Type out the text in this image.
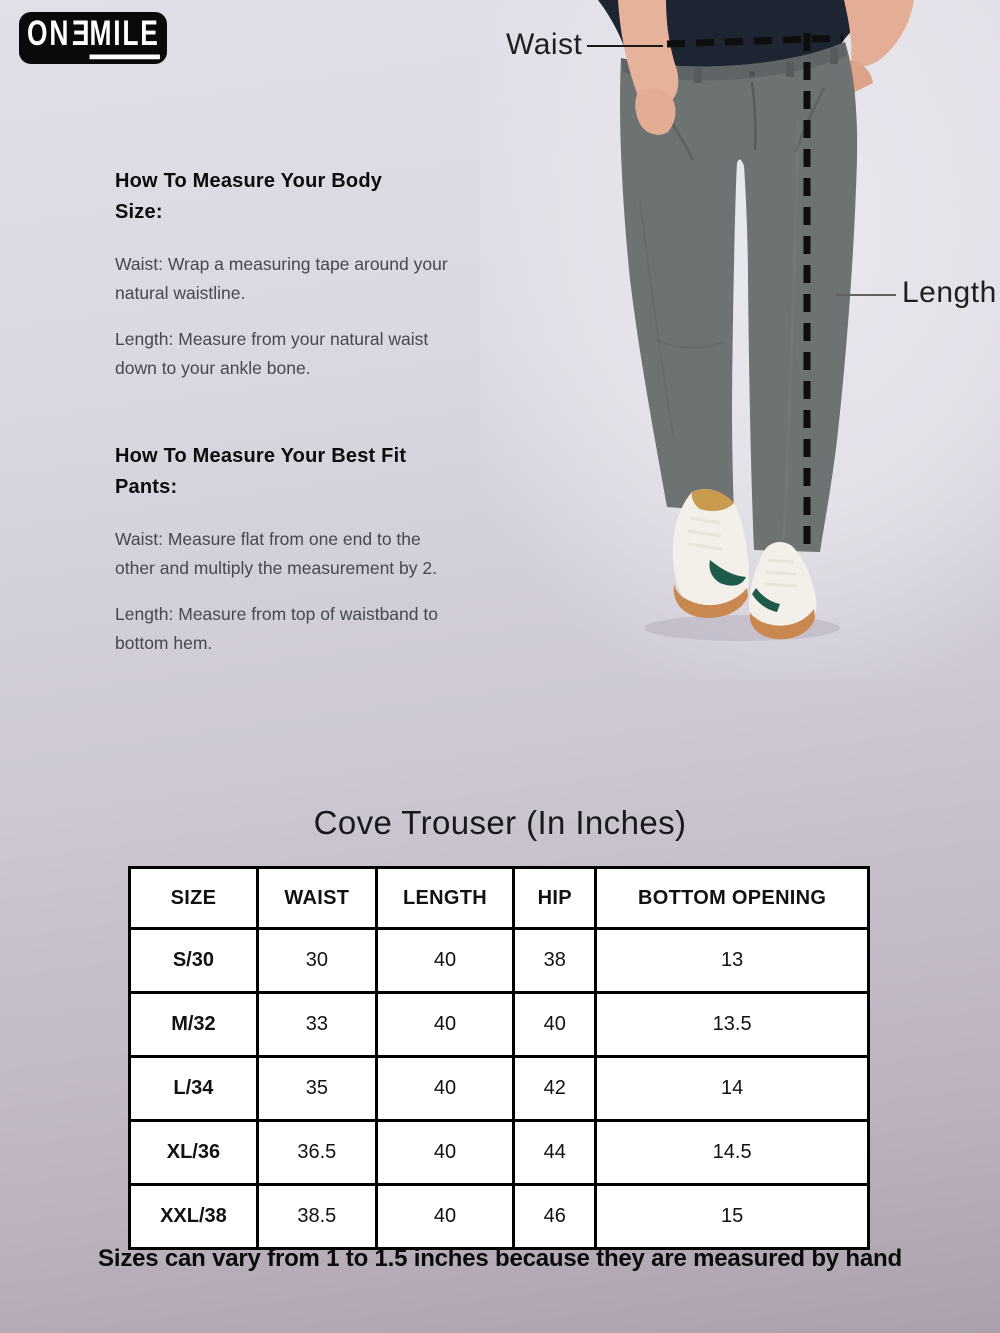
ONEMILE	Waist
Length
How To Measure Your Body Size:

Waist: Wrap a measuring tape around your natural waistline.

Length: Measure from your natural waist down to your ankle bone.

How To Measure Your Best Fit Pants:

Waist: Measure flat from one end to the other and multiply the measurement by 2.

Length: Measure from top of waistband to bottom hem.

Cove Trouser (In Inches)
SIZE	WAIST	LENGTH	HIP	BOTTOM OPENING
S/30	30	40	38	13
M/32	33	40	40	13.5
L/34	35	40	42	14
XL/36	36.5	40	44	14.5
XXL/38	38.5	40	46	15
Sizes can vary from 1 to 1.5 inches because they are measured by hand
